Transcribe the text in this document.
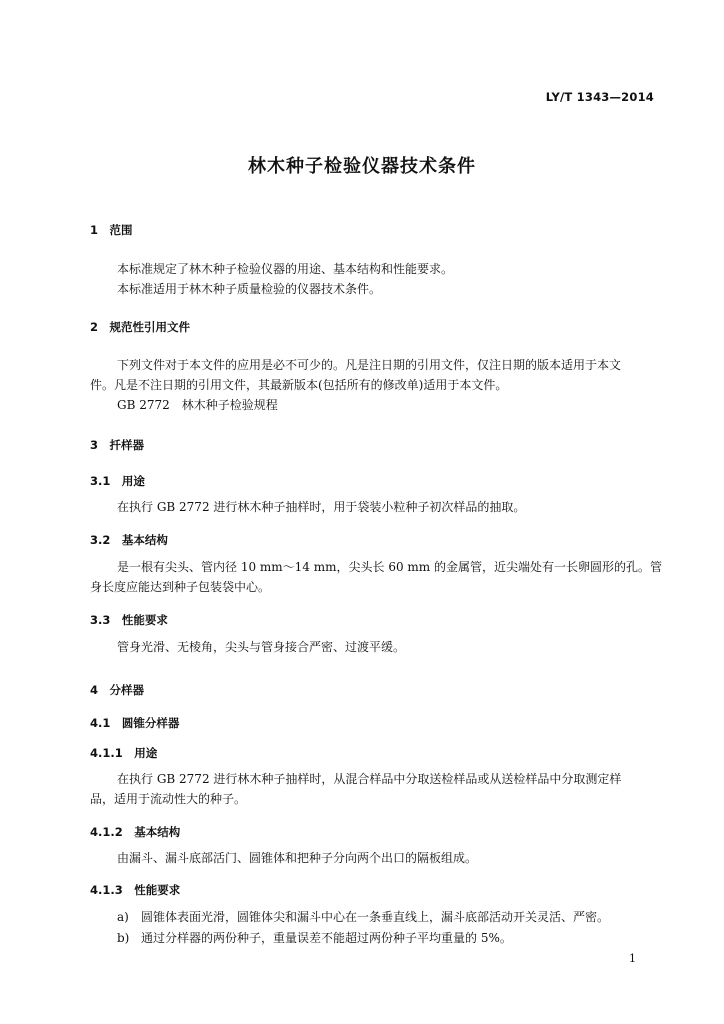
LY/T 1343—2014
林木种子检验仪器技术条件
1　范围
本标准规定了林木种子检验仪器的用途、基本结构和性能要求。
本标准适用于林木种子质量检验的仪器技术条件。
2　规范性引用文件
下列文件对于本文件的应用是必不可少的。凡是注日期的引用文件，仅注日期的版本适用于本文
件。凡是不注日期的引用文件，其最新版本(包括所有的修改单)适用于本文件。
GB 2772　林木种子检验规程
3　扦样器
3.1　用途
在执行 GB 2772 进行林木种子抽样时，用于袋装小粒种子初次样品的抽取。
3.2　基本结构
是一根有尖头、管内径 10 mm～14 mm，尖头长 60 mm 的金属管，近尖端处有一长卵圆形的孔。管
身长度应能达到种子包装袋中心。
3.3　性能要求
管身光滑、无棱角，尖头与管身接合严密、过渡平缓。
4　分样器
4.1　圆锥分样器
4.1.1　用途
在执行 GB 2772 进行林木种子抽样时，从混合样品中分取送检样品或从送检样品中分取测定样
品，适用于流动性大的种子。
4.1.2　基本结构
由漏斗、漏斗底部活门、圆锥体和把种子分向两个出口的隔板组成。
4.1.3　性能要求
a) 圆锥体表面光滑，圆锥体尖和漏斗中心在一条垂直线上，漏斗底部活动开关灵活、严密。
b) 通过分样器的两份种子，重量误差不能超过两份种子平均重量的 5%。
1
